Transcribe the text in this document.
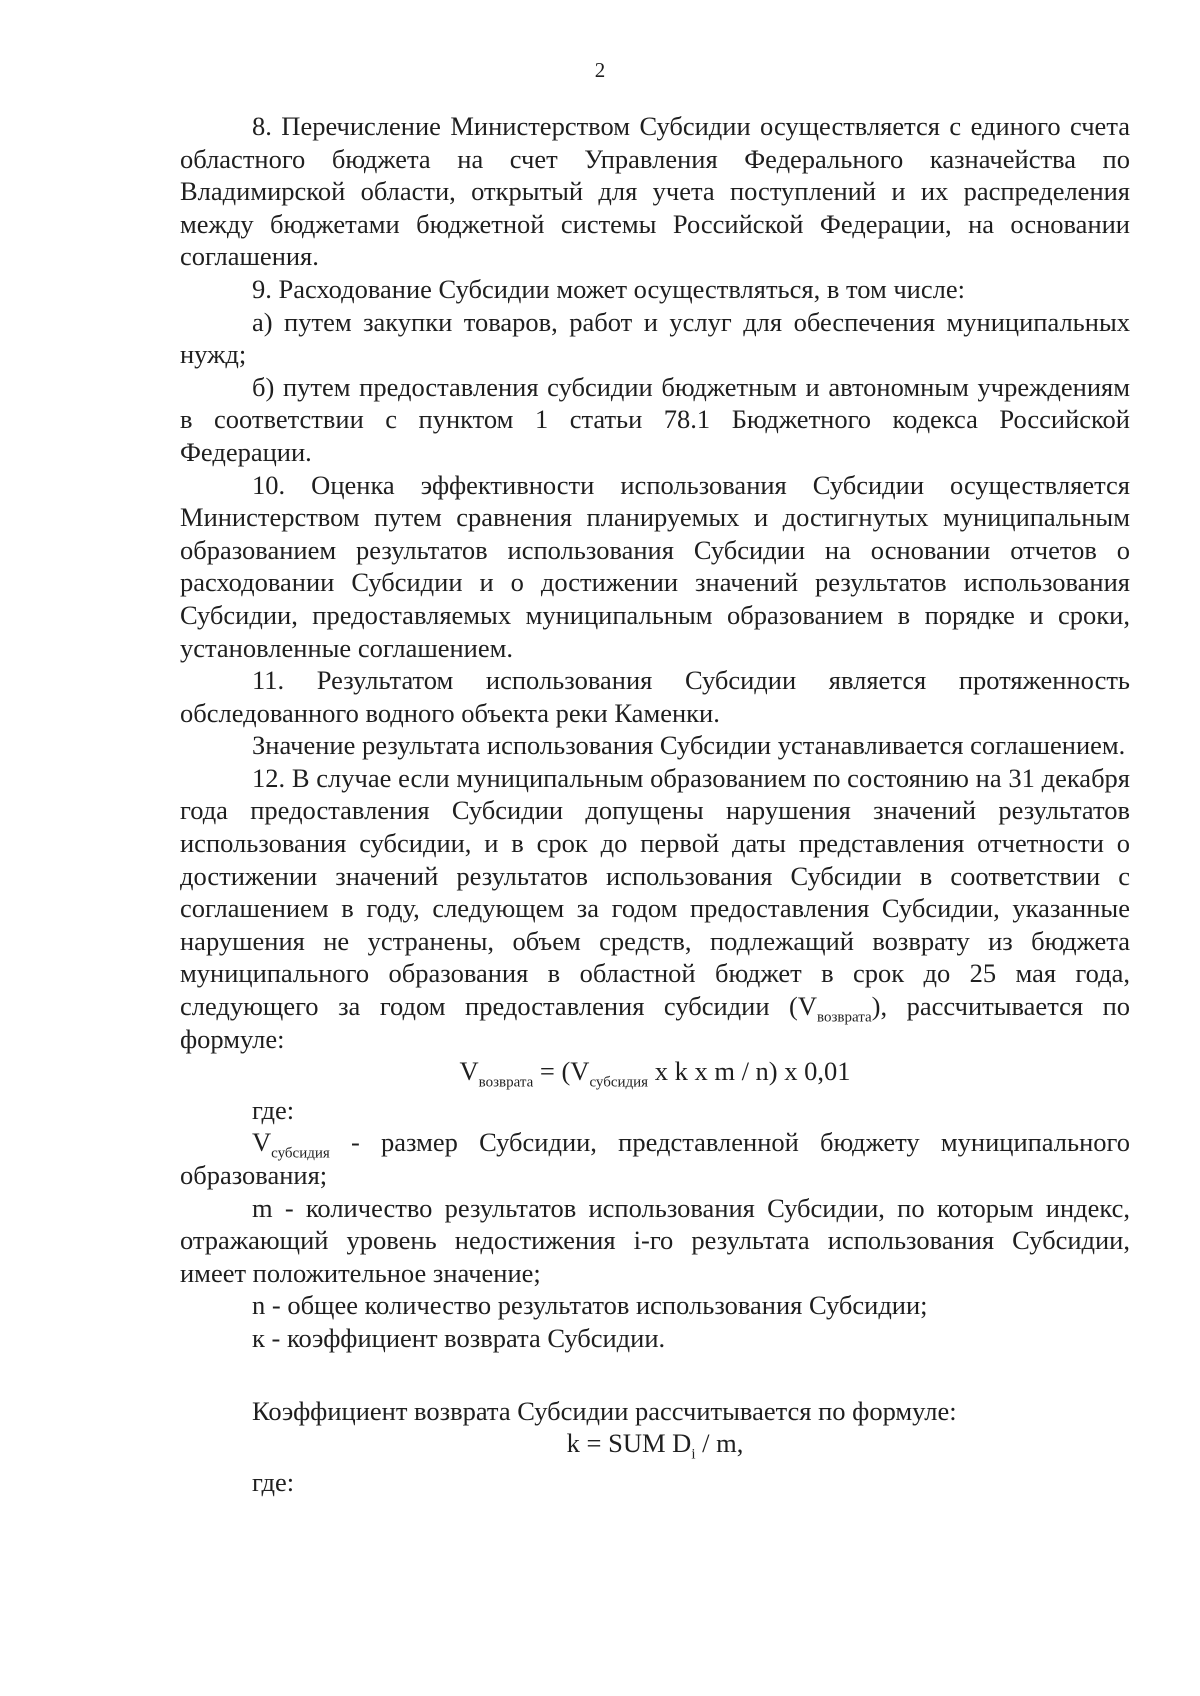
2

8. Перечисление Министерством Субсидии осуществляется с единого счета областного бюджета на счет Управления Федерального казначейства по Владимирской области, открытый для учета поступлений и их распределения между бюджетами бюджетной системы Российской Федерации, на основании соглашения.

9. Расходование Субсидии может осуществляться, в том числе:

а) путем закупки товаров, работ и услуг для обеспечения муниципальных нужд;

б) путем предоставления субсидии бюджетным и автономным учреждениям в соответствии с пунктом 1 статьи 78.1 Бюджетного кодекса Российской Федерации.

10. Оценка эффективности использования Субсидии осуществляется Министерством путем сравнения планируемых и достигнутых муниципальным образованием результатов использования Субсидии на основании отчетов о расходовании Субсидии и о достижении значений результатов использования Субсидии, предоставляемых муниципальным образованием в порядке и сроки, установленные соглашением.

11. Результатом использования Субсидии является протяженность обследованного водного объекта реки Каменки.

Значение результата использования Субсидии устанавливается соглашением.

12. В случае если муниципальным образованием по состоянию на 31 декабря года предоставления Субсидии допущены нарушения значений результатов использования субсидии, и в срок до первой даты представления отчетности о достижении значений результатов использования Субсидии в соответствии с соглашением в году, следующем за годом предоставления Субсидии, указанные нарушения не устранены, объем средств, подлежащий возврату из бюджета муниципального образования в областной бюджет в срок до 25 мая года, следующего за годом предоставления субсидии $(V_{возврата})$, рассчитывается по формуле:

$V_{возврата} = (V_{субсидия}$ x k x m / n) x 0,01

где:

$V_{субсидия}$ - размер Субсидии, представленной бюджету муниципального образования;

m - количество результатов использования Субсидии, по которым индекс, отражающий уровень недостижения i-го результата использования Субсидии, имеет положительное значение;

n - общее количество результатов использования Субсидии;

к - коэффициент возврата Субсидии.

Коэффициент возврата Субсидии рассчитывается по формуле:

k = SUM $D_i$ / m,

где:
